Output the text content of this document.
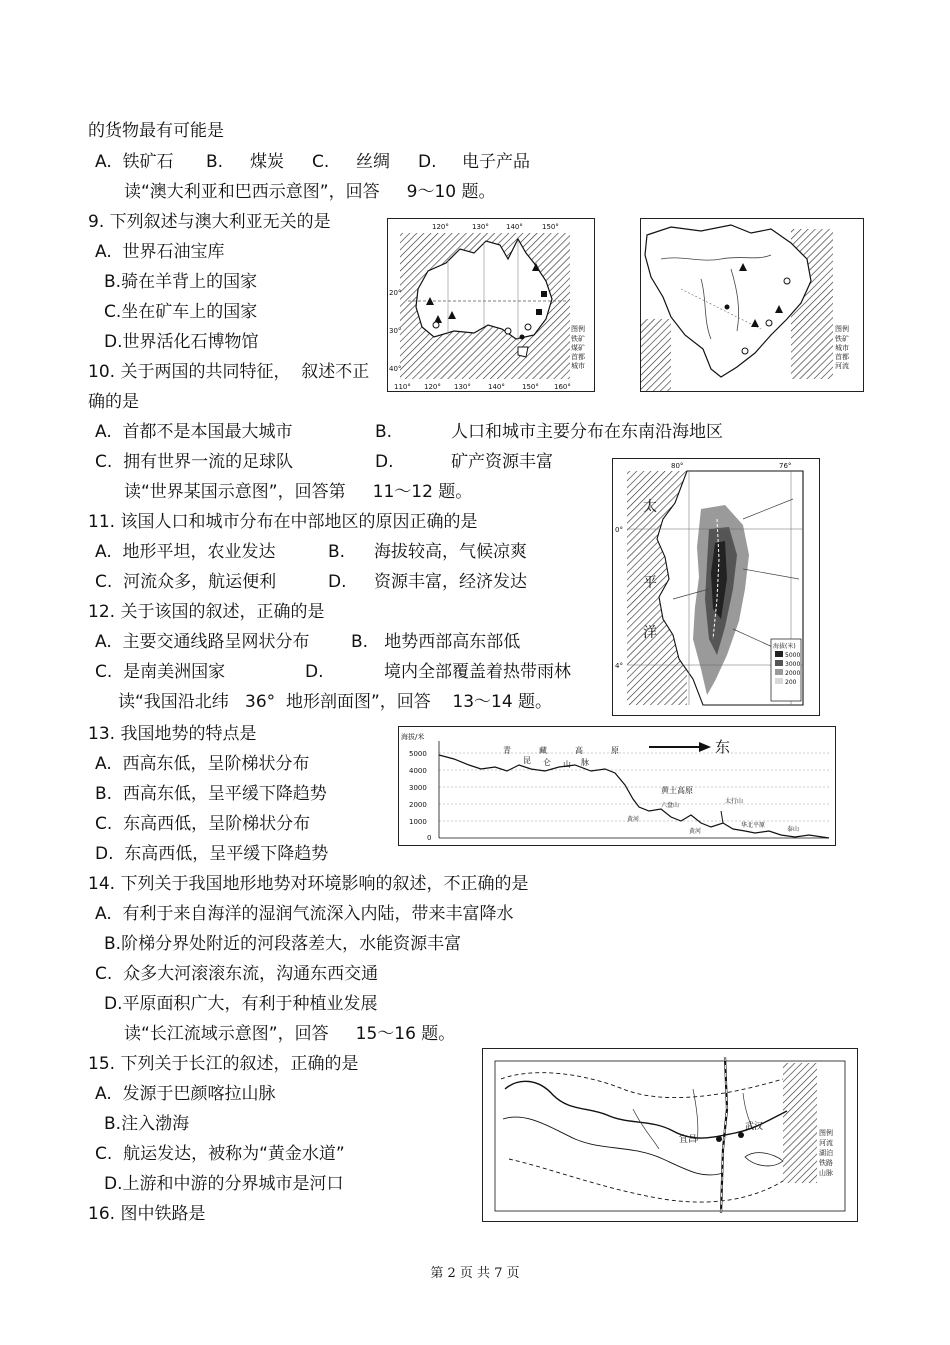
的货物最有可能是
A.  铁矿石 B. 煤炭 C. 丝绸 D. 电子产品
读“澳大利亚和巴西示意图”，回答     9～10 题。
9. 下列叙述与澳大利亚无关的是
A.  世界石油宝库
B.骑在羊背上的国家
C.坐在矿车上的国家
D.世界活化石博物馆
120°	130° 140°	150°
110° 120° 130° 140° 150° 160°
20°
30°
40°
图例
铁矿
煤矿
首都
城市
图例
铁矿
城市
首都
河流
10. 关于两国的共同特征，  叙述不正
确的是
A.  首都不是本国最大城市	B.	人口和城市主要分布在东南沿海地区
C.  拥有世界一流的足球队	D.	矿产资源丰富
读“世界某国示意图”，回答第     11～12 题。
80°	76°
0°
4°
太
平
洋
海拔(米)
5000
3000
2000
200
11. 该国人口和城市分布在中部地区的原因正确的是
A.  地形平坦，农业发达	B. 海拔较高，气候凉爽
C.  河流众多，航运便利	D. 资源丰富，经济发达
12. 关于该国的叙述，正确的是
A.  主要交通线路呈网状分布 B.   地势西部高东部低
C.  是南美洲国家	D.	境内全部覆盖着热带雨林
读“我国沿北纬   36°  地形剖面图”，回答    13～14 题。
13. 我国地势的特点是
A.  西高东低，呈阶梯状分布
B.  西高东低，呈平缓下降趋势
C.  东高西低，呈阶梯状分布
D.  东高西低，呈平缓下降趋势
海拔/米
5000
4000
3000
2000
1000
0
东
青	藏	高	原
昆 仑 山 脉
黄土高原
六盘山
太行山
黄河
华北平原
黄河	泰山
14. 下列关于我国地形地势对环境影响的叙述，不正确的是
A.  有利于来自海洋的湿润气流深入内陆，带来丰富降水
B.阶梯分界处附近的河段落差大，水能资源丰富
C.  众多大河滚滚东流，沟通东西交通
D.平原面积广大，有利于种植业发展
读“长江流域示意图”，回答     15～16 题。
15. 下列关于长江的叙述，正确的是
A.  发源于巴颜喀拉山脉
B.注入渤海
C.  航运发达，被称为“黄金水道”
D.上游和中游的分界城市是河口
16. 图中铁路是
宜昌
武汉
图例
河流
湖泊
铁路
山脉
第 2 页 共 7 页
